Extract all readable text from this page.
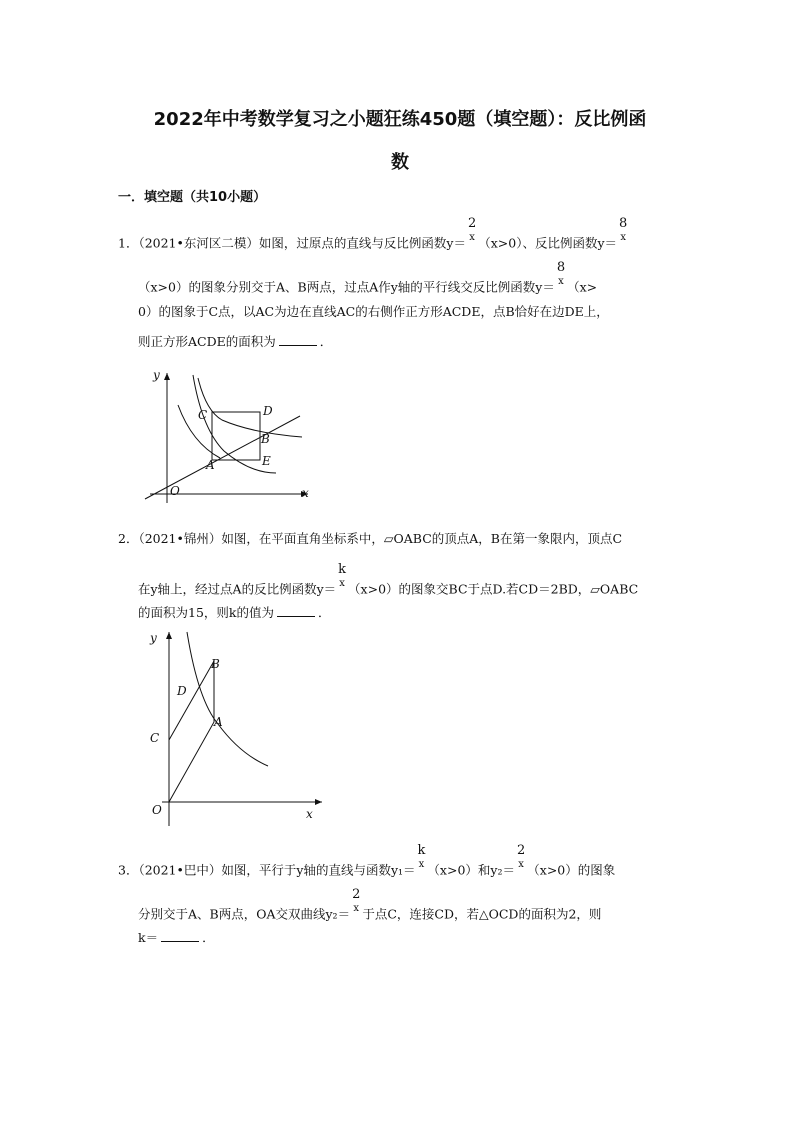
2022年中考数学复习之小题狂练450题（填空题）：反比例函
数
一．填空题（共10小题）
1．（2021•东河区二模）如图，过原点的直线与反比例函数y＝
2
x （x>0）、反比例函数y＝
8
x
（x>0）的图象分别交于A、B两点，过点A作y轴的平行线交反比例函数y＝
8
x （x>
0）的图象于C点，以AC为边在直线AC的右侧作正方形ACDE，点B恰好在边DE上，
则正方形ACDE的面积为	．
C	D
B
A	E
O	x
y
2．（2021•锦州）如图，在平面直角坐标系中，▱OABC的顶点A，B在第一象限内，顶点C
在y轴上，经过点A的反比例函数y＝
k
x （x>0）的图象交BC于点D.若CD＝2BD，▱OABC
的面积为15，则k的值为	．
B
D
A
C
O	x
y
3．（2021•巴中）如图，平行于y轴的直线与函数y₁＝
k
x （x>0）和y₂＝
2
x （x>0）的图象
分别交于A、B两点，OA交双曲线y₂＝
2
x 于点C，连接CD，若△OCD的面积为2，则
k＝	．
